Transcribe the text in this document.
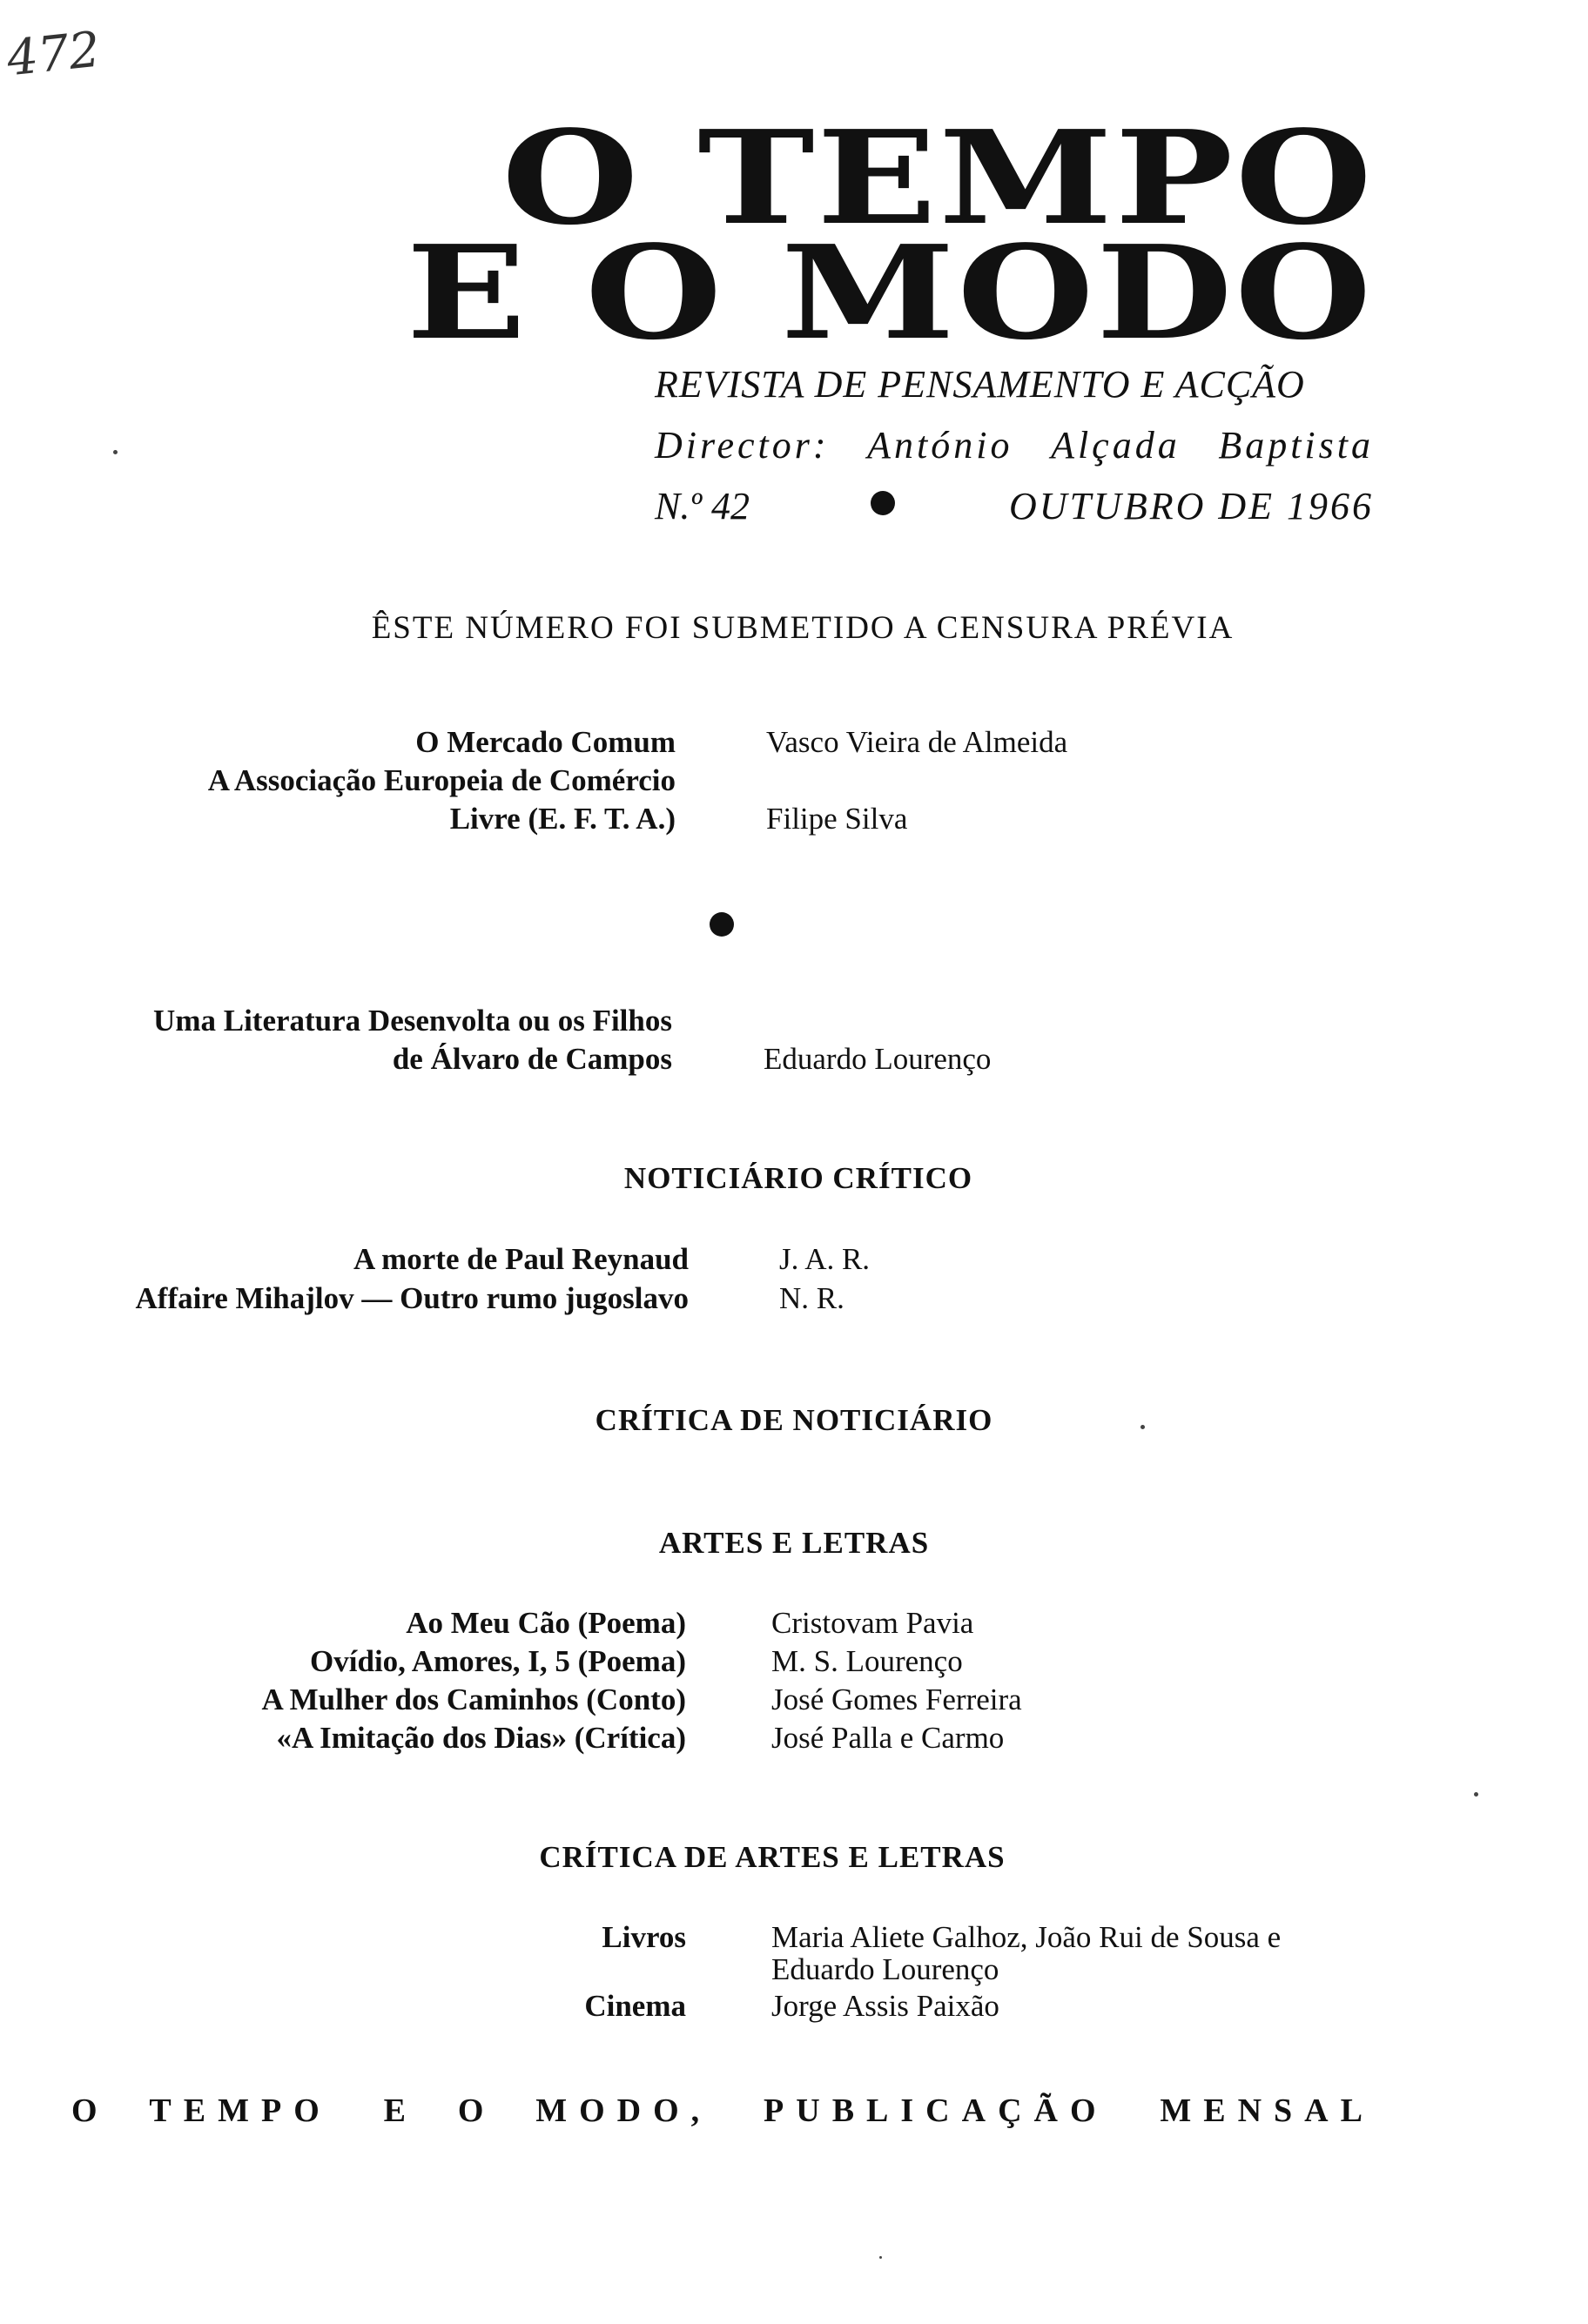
472
O TEMPO
E O MODO
REVISTA DE PENSAMENTO E ACÇÃO
Director: António Alçada Baptista
N.º 42	OUTUBRO DE 1966
ÊSTE NÚMERO FOI SUBMETIDO A CENSURA PRÉVIA
O Mercado Comum	Vasco Vieira de Almeida
A Associação Europeia de Comércio
Livre (E. F. T. A.)	Filipe Silva
Uma Literatura Desenvolta ou os Filhos
de Álvaro de Campos	Eduardo Lourenço
NOTICIÁRIO CRÍTICO
A morte de Paul Reynaud	J. A. R.
Affaire Mihajlov — Outro rumo jugoslavo	N. R.
CRÍTICA DE NOTICIÁRIO
ARTES E LETRAS
Ao Meu Cão (Poema)	Cristovam Pavia
Ovídio, Amores, I, 5 (Poema)	M. S. Lourenço
A Mulher dos Caminhos (Conto)	José Gomes Ferreira
«A Imitação dos Dias» (Crítica)	José Palla e Carmo
CRÍTICA DE ARTES E LETRAS
Livros	Maria Aliete Galhoz, João Rui de Sousa e
Eduardo Lourenço
Cinema	Jorge Assis Paixão
O TEMPO E O MODO, PUBLICAÇÃO MENSAL
